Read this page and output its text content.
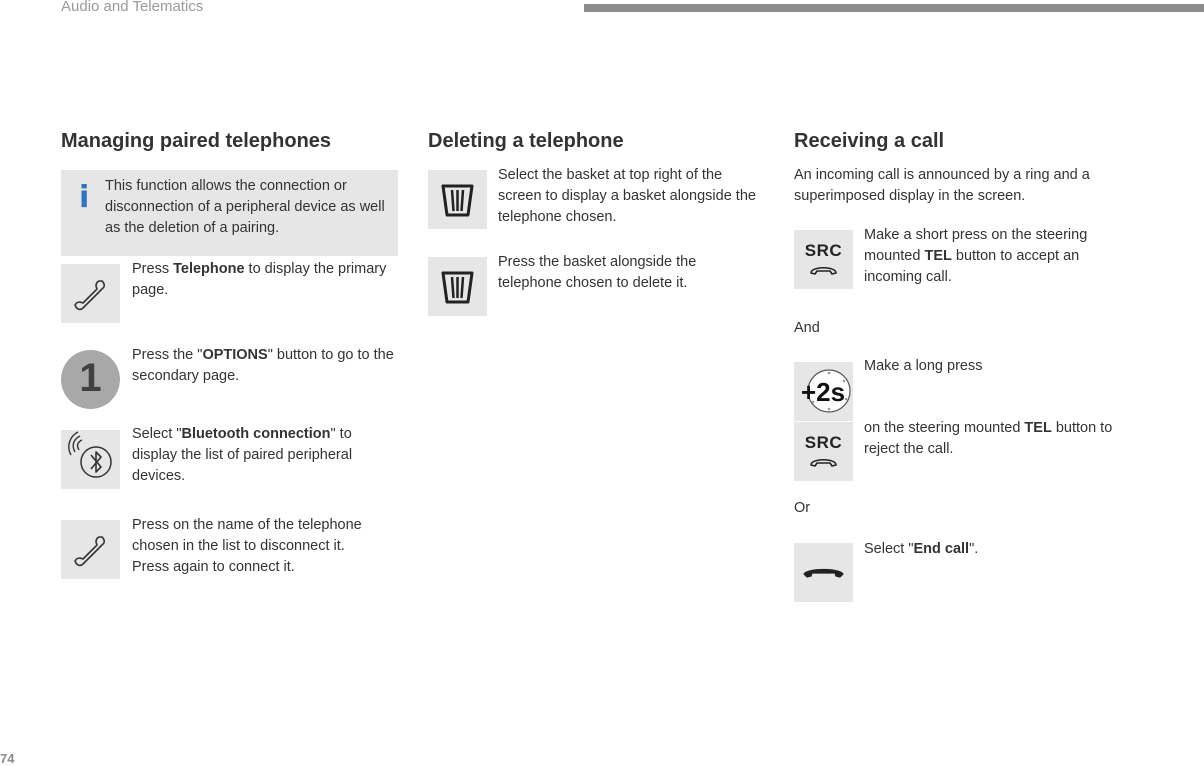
Audio and Telematics
Managing paired telephones
i This function allows the connection or disconnection of a peripheral device as well as the deletion of a pairing.

Press Telephone to display the primary page.

1

Press the "OPTIONS" button to go to the secondary page.

Select "Bluetooth connection" to display the list of paired peripheral devices.

Press on the name of the telephone chosen in the list to disconnect it.
Press again to connect it.
Deleting a telephone

Select the basket at top right of the screen to display a basket alongside the telephone chosen.

Press the basket alongside the telephone chosen to delete it.

Receiving a call

An incoming call is announced by a ring and a superimposed display in the screen.

SRC

Make a short press on the steering mounted TEL button to accept an incoming call.

And
+2s

Make a long press

SRC

on the steering mounted TEL button to reject the call.

Or

Select "End call".

74
